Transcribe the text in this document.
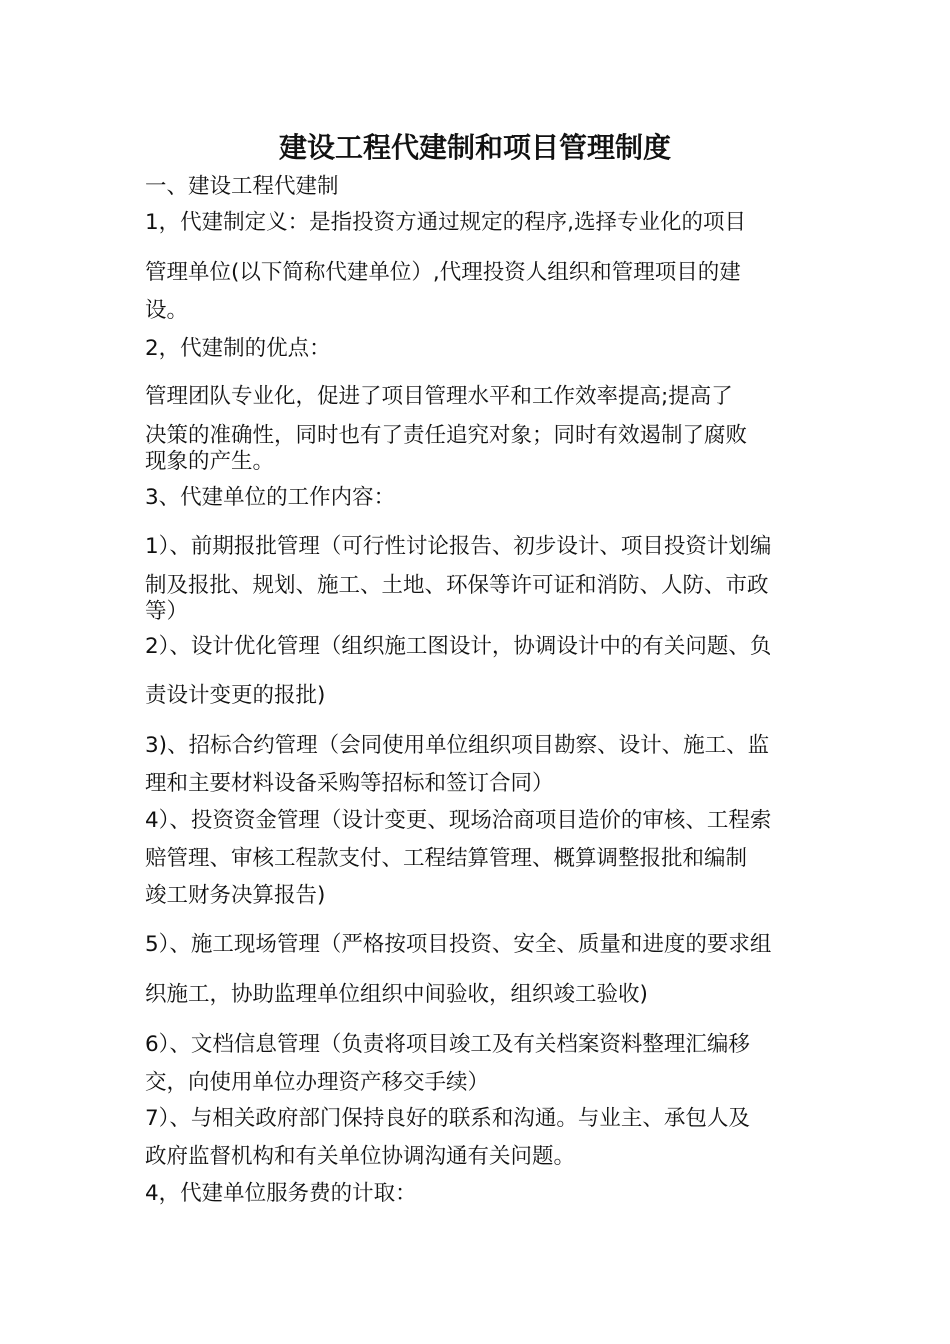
建设工程代建制和项目管理制度
一、建设工程代建制
1，代建制定义：是指投资方通过规定的程序,选择专业化的项目
管理单位(以下简称代建单位）,代理投资人组织和管理项目的建
设。
2，代建制的优点：
管理团队专业化，促进了项目管理水平和工作效率提高;提高了
决策的准确性，同时也有了责任追究对象；同时有效遏制了腐败
现象的产生。
3、代建单位的工作内容：
1）、前期报批管理（可行性讨论报告、初步设计、项目投资计划编
制及报批、规划、施工、土地、环保等许可证和消防、人防、市政
等）
2）、设计优化管理（组织施工图设计，协调设计中的有关问题、负
责设计变更的报批)
3)、招标合约管理（会同使用单位组织项目勘察、设计、施工、监
理和主要材料设备采购等招标和签订合同）
4）、投资资金管理（设计变更、现场洽商项目造价的审核、工程索
赔管理、审核工程款支付、工程结算管理、概算调整报批和编制
竣工财务决算报告)
5）、施工现场管理（严格按项目投资、安全、质量和进度的要求组
织施工，协助监理单位组织中间验收，组织竣工验收)
6）、文档信息管理（负责将项目竣工及有关档案资料整理汇编移
交，向使用单位办理资产移交手续）
7）、与相关政府部门保持良好的联系和沟通。与业主、承包人及
政府监督机构和有关单位协调沟通有关问题。
4，代建单位服务费的计取：
